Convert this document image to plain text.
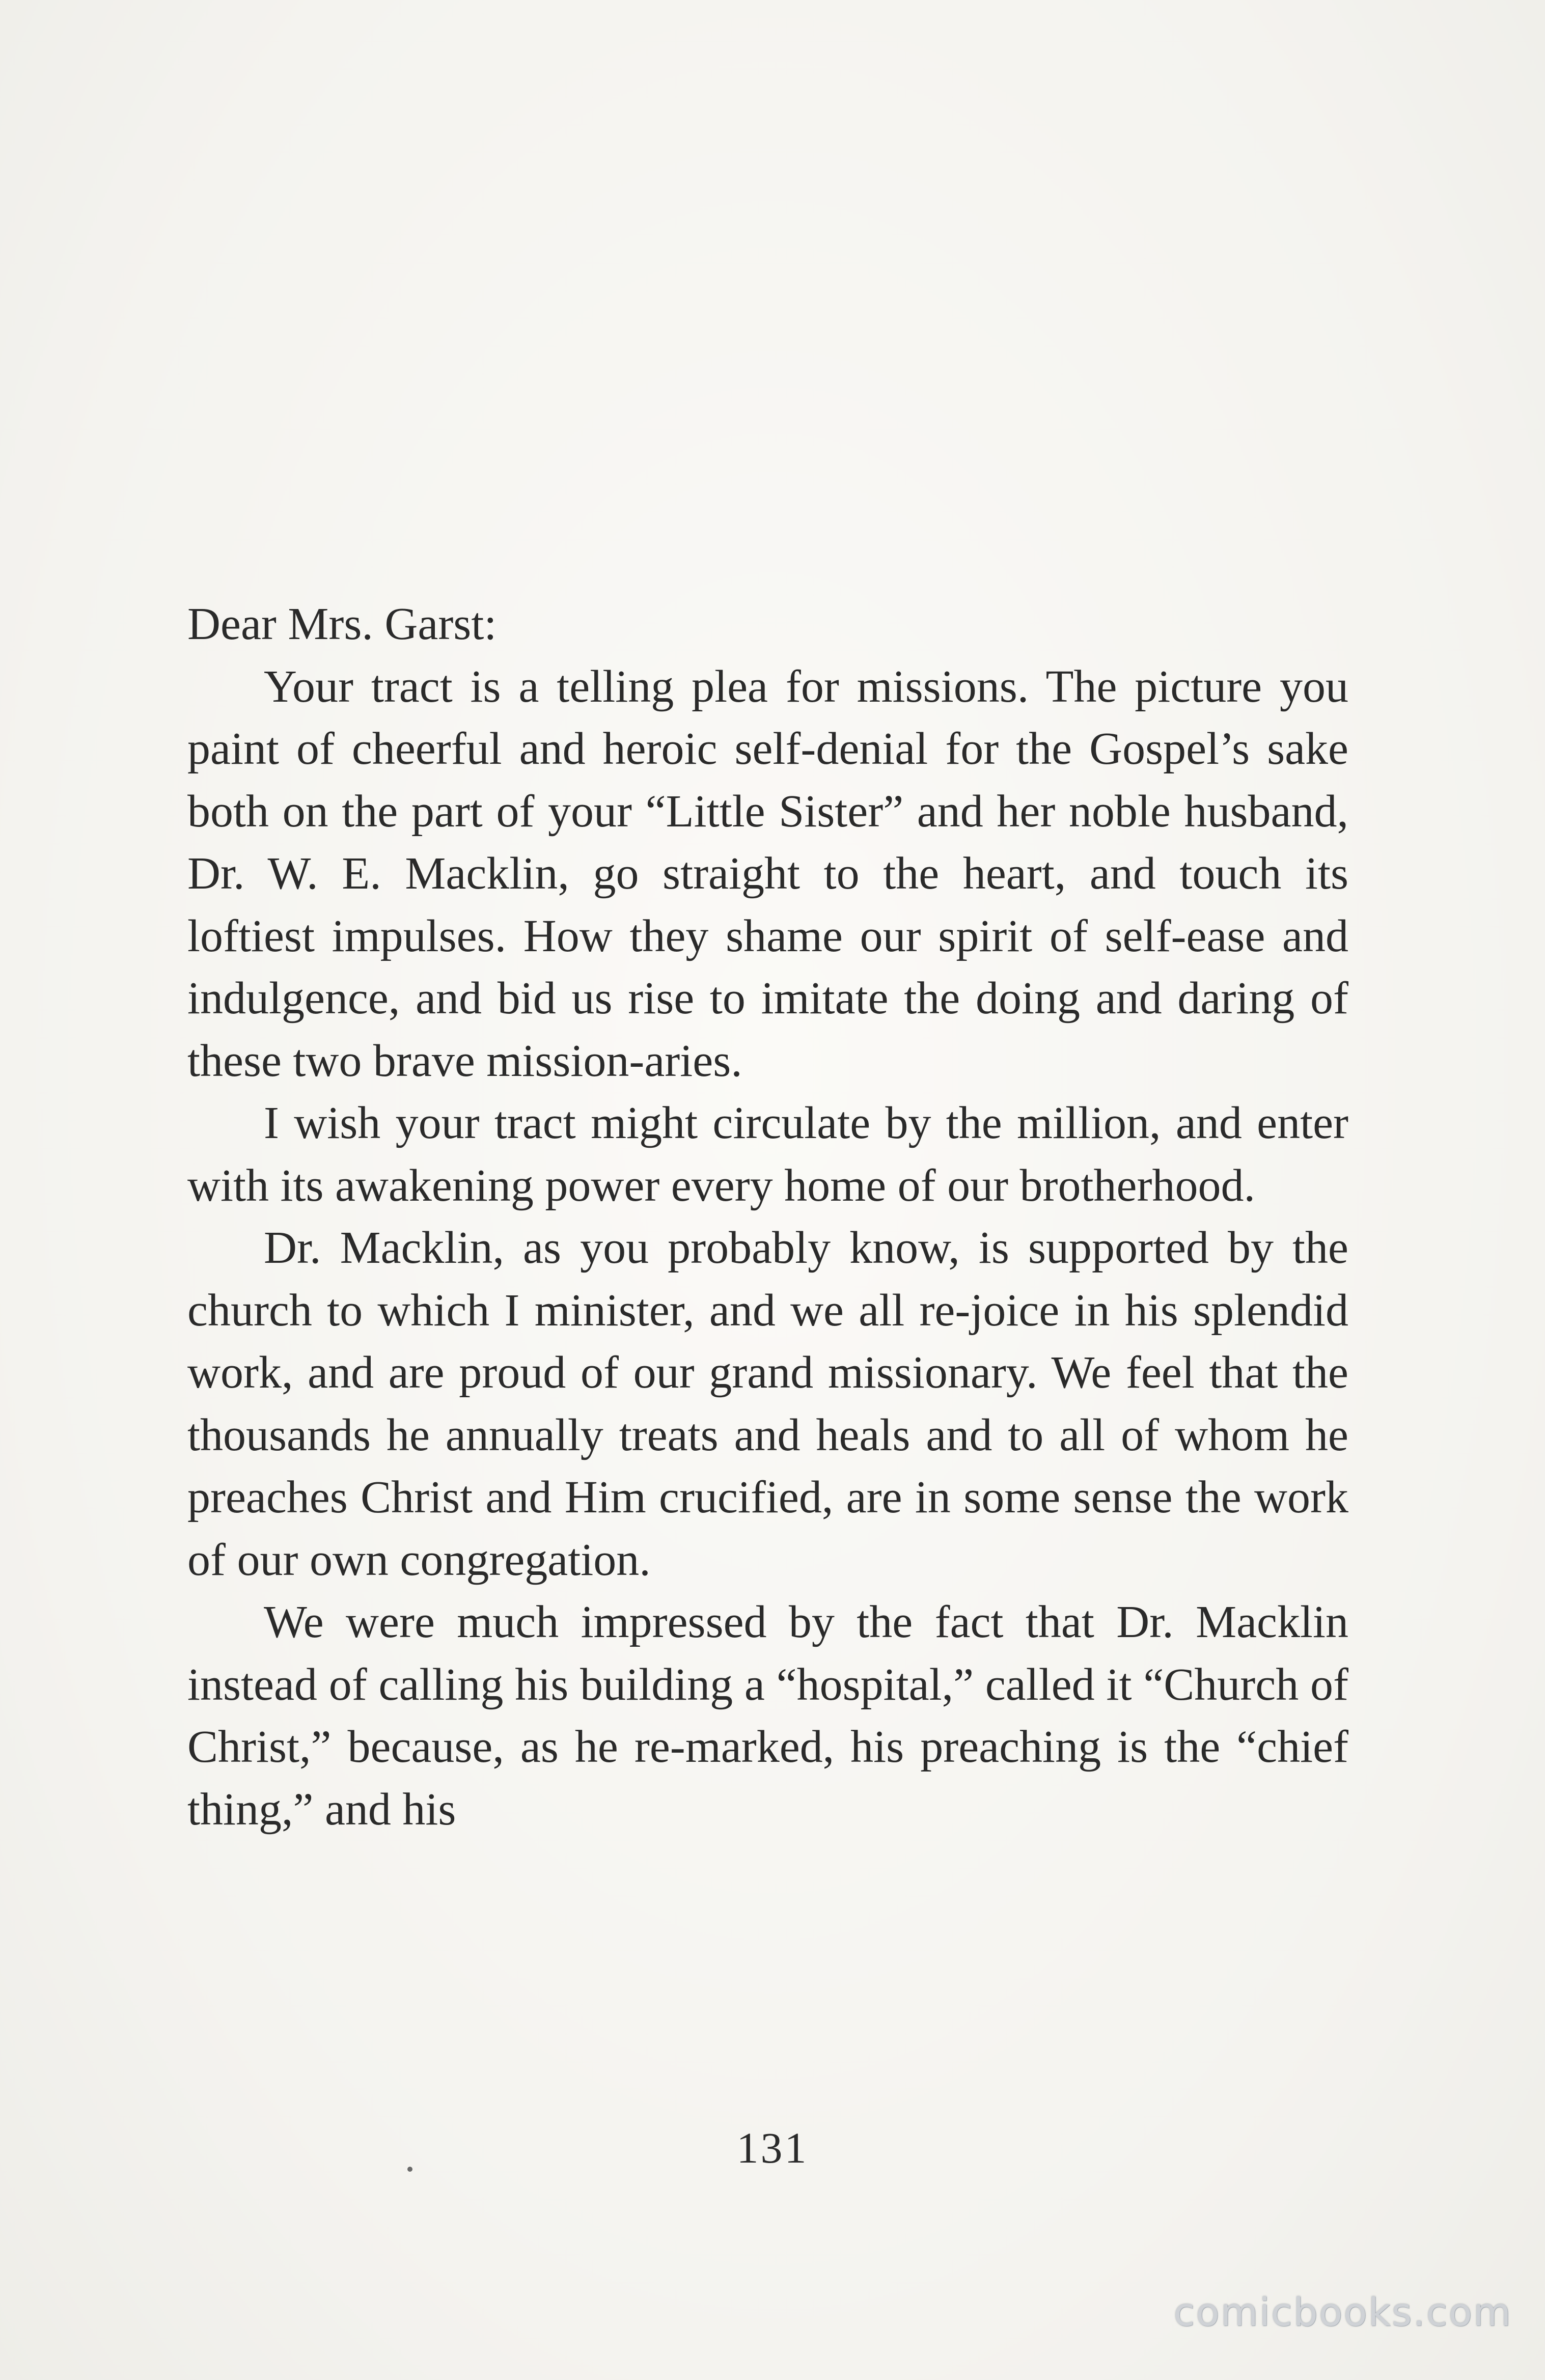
Dear Mrs. Garst:

Your tract is a telling plea for missions. The picture you paint of cheerful and heroic self-denial for the Gospel’s sake both on the part of your “Little Sister” and her noble husband, Dr. W. E. Macklin, go straight to the heart, and touch its loftiest impulses. How they shame our spirit of self-ease and indulgence, and bid us rise to imitate the doing and daring of these two brave mission-aries.

I wish your tract might circulate by the million, and enter with its awakening power every home of our brotherhood.

Dr. Macklin, as you probably know, is supported by the church to which I minister, and we all re-joice in his splendid work, and are proud of our grand missionary. We feel that the thousands he annually treats and heals and to all of whom he preaches Christ and Him crucified, are in some sense the work of our own congregation.

We were much impressed by the fact that Dr. Macklin instead of calling his building a “hospital,” called it “Church of Christ,” because, as he re-marked, his preaching is the “chief thing,” and his

131
comicbooks.com
